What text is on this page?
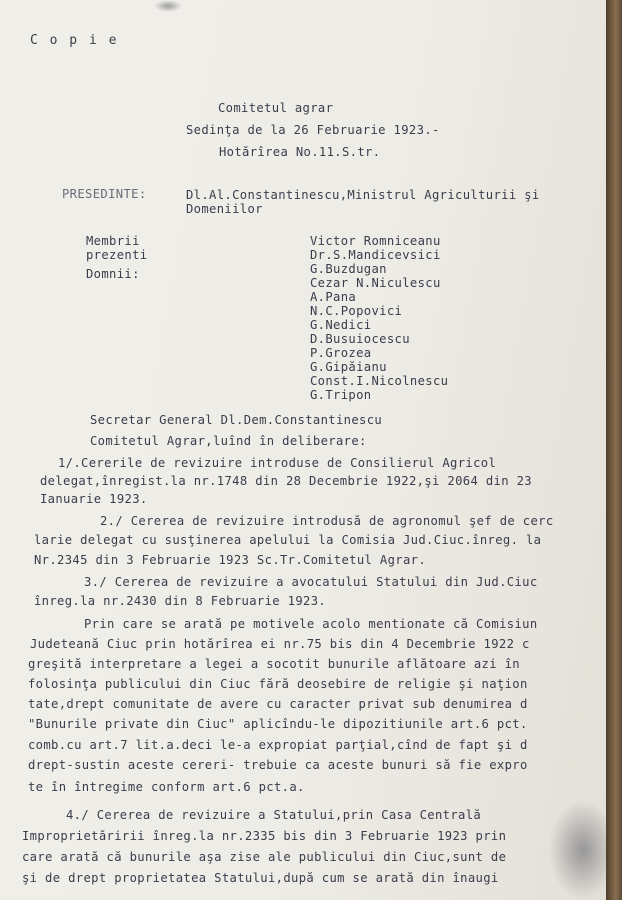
C o p i e
Comitetul agrar
Sedinţa de la 26 Februarie 1923.-
Hotărîrea No.11.S.tr.
PRESEDINTE:	Dl.Al.Constantinescu,Ministrul Agriculturii şi
Domeniilor
Membrii
prezenti
Domnii:
Victor Romniceanu
Dr.S.Mandicevsici
G.Buzdugan
Cezar N.Niculescu
A.Pana
N.C.Popovici
G.Nedici
D.Busuiocescu
P.Grozea
G.Gipăianu
Const.I.Nicolnescu
G.Tripon
Secretar General Dl.Dem.Constantinescu
Comitetul Agrar,luînd în deliberare:
1/.Cererile de revizuire introduse de Consilierul Agricol
delegat,înregist.la nr.1748 din 28 Decembrie 1922,şi 2064 din 23
Ianuarie 1923.
2./ Cererea de revizuire introdusă de agronomul şef de cerc
larie delegat cu susţinerea apelului la Comisia Jud.Ciuc.înreg. la
Nr.2345 din 3 Februarie 1923 Sc.Tr.Comitetul Agrar.
3./ Cererea de revizuire a avocatului Statului din Jud.Ciuc
înreg.la nr.2430 din 8 Februarie 1923.
Prin care se arată pe motivele acolo mentionate că Comisiun
Judeteană Ciuc prin hotărîrea ei nr.75 bis din 4 Decembrie 1922 c
greşită interpretare a legei a socotit bunurile aflătoare azi în
folosinţa publicului din Ciuc fără deosebire de religie şi naţion
tate,drept comunitate de avere cu caracter privat sub denumirea d
"Bunurile private din Ciuc" aplicîndu-le dipozitiunile art.6 pct.
comb.cu art.7 lit.a.deci le-a expropiat parţial,cînd de fapt şi d
drept-sustin aceste cereri- trebuie ca aceste bunuri să fie expro
te în întregime conform art.6 pct.a.
4./ Cererea de revizuire a Statului,prin Casa Centrală
Improprietăririi înreg.la nr.2335 bis din 3 Februarie 1923 prin
care arată că bunurile aşa zise ale publicului din Ciuc,sunt de
şi de drept proprietatea Statului,după cum se arată din înaugi
